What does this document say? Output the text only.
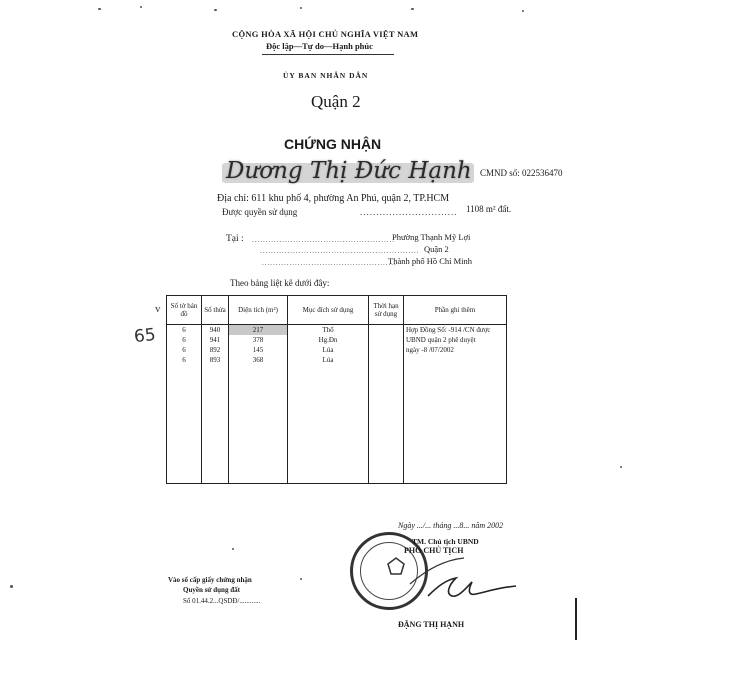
CỘNG HÒA XÃ HỘI CHỦ NGHĨA VIỆT NAM
Độc lập—Tự do—Hạnh phúc
ỦY BAN NHÂN DÂN
Quận 2
CHỨNG NHẬN
Dương Thị Đức Hạnh CMND số: 022536470
Địa chỉ: 611 khu phố 4, phường An Phú, quận 2, TP.HCM
Được quyền sử dụng	.............................. 1108 m² đất.
Tại : ....................................................
Phường Thạnh Mỹ Lợi
.......................................................... Quận 2
.................................................
Thành phố Hồ Chí Minh
Theo bảng liệt kê dưới đây:
v
65
Số tờ bản đồ	Số thửa	Diện tích (m²)	Mục đích sử dụng	Thời hạn sử dụng	Phần ghi thêm
6	940	217	Thổ		Hợp Đồng Số: -914 /CN được
6	941	378	Hg.Đn		UBND quận 2 phê duyệt
6	892	145	Lúa		ngày -8 /07/2002
6	893	368	Lúa		

Ngày .../... tháng ...8... năm 2002
TM. Chủ tịch UBND
PHÓ CHỦ TỊCH
ĐẶNG THỊ HẠNH
Vào sổ cấp giấy chứng nhận
Quyền sử dụng đất
Số 01.44.2...QSDĐ/............
